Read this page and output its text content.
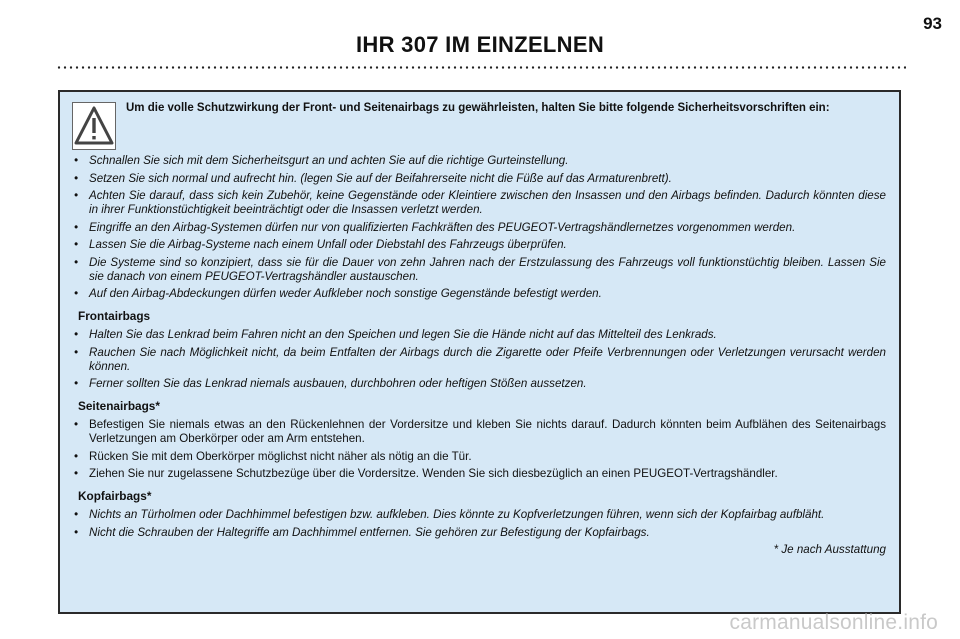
IHR 307 IM EINZELNEN
93
Um die volle Schutzwirkung der Front- und Seitenairbags zu gewährleisten, halten Sie bitte folgende Sicherheitsvorschriften ein:
• Schnallen Sie sich mit dem Sicherheitsgurt an und achten Sie auf die richtige Gurteinstellung.
• Setzen Sie sich normal und aufrecht hin. (legen Sie auf der Beifahrerseite nicht die Füße auf das Armaturenbrett).
• Achten Sie darauf, dass sich kein Zubehör, keine Gegenstände oder Kleintiere zwischen den Insassen und den Airbags befinden. Dadurch könnten diese in ihrer Funktionstüchtigkeit beeinträchtigt oder die Insassen verletzt werden.
• Eingriffe an den Airbag-Systemen dürfen nur von qualifizierten Fachkräften des PEUGEOT-Vertragshändlernetzes vorgenommen werden.
• Lassen Sie die Airbag-Systeme nach einem Unfall oder Diebstahl des Fahrzeugs überprüfen.
• Die Systeme sind so konzipiert, dass sie für die Dauer von zehn Jahren nach der Erstzulassung des Fahrzeugs voll funktionstüchtig bleiben. Lassen Sie sie danach von einem PEUGEOT-Vertragshändler austauschen.
• Auf den Airbag-Abdeckungen dürfen weder Aufkleber noch sonstige Gegenstände befestigt werden.
Frontairbags
• Halten Sie das Lenkrad beim Fahren nicht an den Speichen und legen Sie die Hände nicht auf das Mittelteil des Lenkrads.
• Rauchen Sie nach Möglichkeit nicht, da beim Entfalten der Airbags durch die Zigarette oder Pfeife Verbrennungen oder Verletzungen verursacht werden können.
• Ferner sollten Sie das Lenkrad niemals ausbauen, durchbohren oder heftigen Stößen aussetzen.
Seitenairbags*
• Befestigen Sie niemals etwas an den Rückenlehnen der Vordersitze und kleben Sie nichts darauf. Dadurch könnten beim Aufblähen des Seitenairbags Verletzungen am Oberkörper oder am Arm entstehen.
• Rücken Sie mit dem Oberkörper möglichst nicht näher als nötig an die Tür.
• Ziehen Sie nur zugelassene Schutzbezüge über die Vordersitze. Wenden Sie sich diesbezüglich an einen PEUGEOT-Vertragshändler.
Kopfairbags*
• Nichts an Türholmen oder Dachhimmel befestigen bzw. aufkleben. Dies könnte zu Kopfverletzungen führen, wenn sich der Kopfairbag aufbläht.
• Nicht die Schrauben der Haltegriffe am Dachhimmel entfernen. Sie gehören zur Befestigung der Kopfairbags.
* Je nach Ausstattung
carmanualsonline.info
